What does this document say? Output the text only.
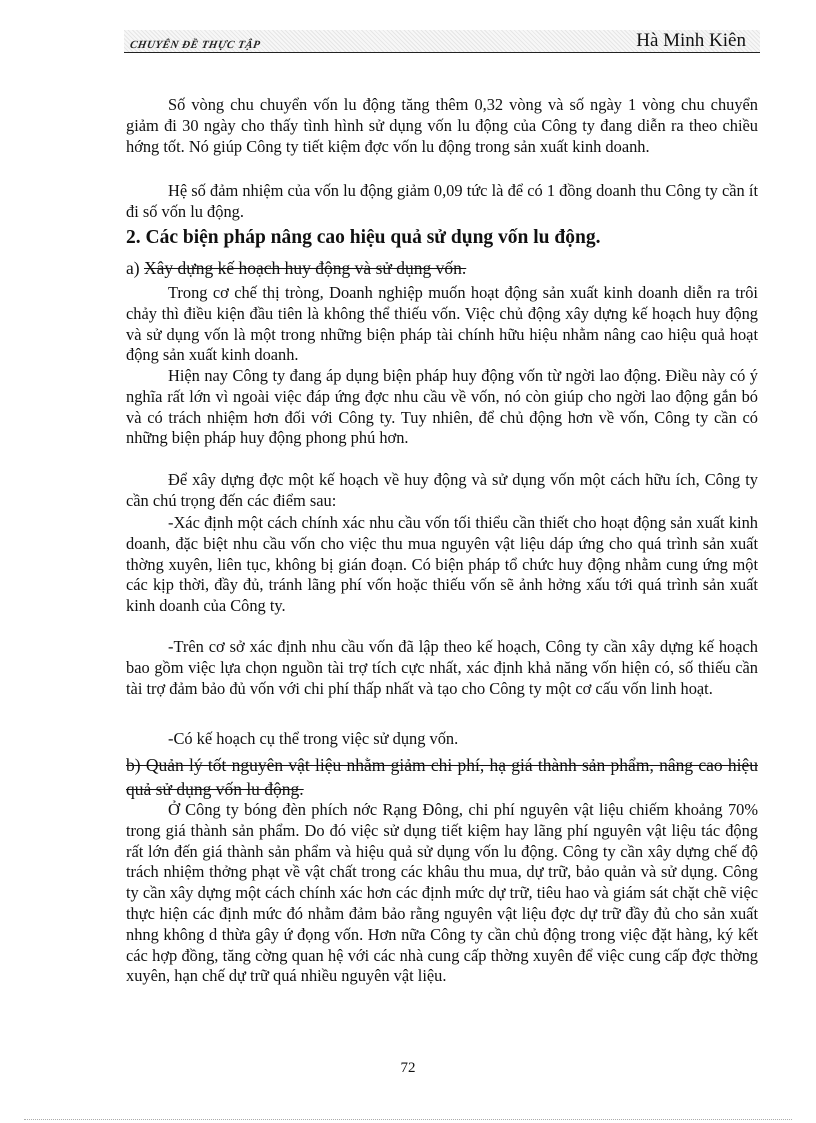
CHUYÊN ĐỀ THỰC TẬP	Hà Minh Kiên

Số vòng chu chuyển vốn lu động tăng thêm 0,32 vòng và số ngày 1 vòng chu chuyển giảm đi 30 ngày cho thấy tình hình sử dụng vốn lu động của Công ty đang diễn ra theo chiều hớng tốt. Nó giúp Công ty tiết kiệm đợc vốn lu động trong sản xuất kinh doanh.

Hệ số đảm nhiệm của vốn lu động giảm 0,09 tức là để có 1 đồng doanh thu Công ty cần ít đi số vốn lu động.

2. Các biện pháp nâng cao hiệu quả sử dụng vốn lu động.

a) Xây dựng kế hoạch huy động và sử dụng vốn.

Trong cơ chế thị tròng, Doanh nghiệp muốn hoạt động sản xuất kinh doanh diễn ra trôi chảy thì điều kiện đầu tiên là không thể thiếu vốn. Việc chủ động xây dựng kế hoạch huy động và sử dụng vốn là một trong những biện pháp tài chính hữu hiệu nhằm nâng cao hiệu quả hoạt động sản xuất kinh doanh.

Hiện nay Công ty đang áp dụng biện pháp huy động vốn từ ngời lao động. Điều này có ý nghĩa rất lớn vì ngoài việc đáp ứng đợc nhu cầu về vốn, nó còn giúp cho ngời lao động gắn bó và có trách nhiệm hơn đối với Công ty. Tuy nhiên, để chủ động hơn về vốn, Công ty cần có những biện pháp huy động phong phú hơn.

Để xây dựng đợc một kế hoạch về huy động và sử dụng vốn một cách hữu ích, Công ty cần chú trọng đến các điểm sau:

-Xác định một cách chính xác nhu cầu vốn tối thiểu cần thiết cho hoạt động sản xuất kinh doanh, đặc biệt nhu cầu vốn cho việc thu mua nguyên vật liệu dáp ứng cho quá trình sản xuất thờng xuyên, liên tục, không bị gián đoạn. Có biện pháp tổ chức huy động nhằm cung ứng một các kịp thời, đầy đủ, tránh lãng phí vốn hoặc thiếu vốn sẽ ảnh hởng xấu tới quá trình sản xuất kinh doanh của Công ty.

-Trên cơ sở xác định nhu cầu vốn đã lập theo kế hoạch, Công ty cần xây dựng kế hoạch bao gồm việc lựa chọn nguồn tài trợ tích cực nhất, xác định khả năng vốn hiện có, số thiếu cần tài trợ đảm bảo đủ vốn với chi phí thấp nhất và tạo cho Công ty một cơ cấu vốn linh hoạt.

-Có kế hoạch cụ thể trong việc sử dụng vốn.

b) Quản lý tốt nguyên vật liệu nhằm giảm chi phí, hạ giá thành sản phẩm, nâng cao hiệu quả sử dụng vốn lu động.

Ở Công ty bóng đèn phích nớc Rạng Đông, chi phí nguyên vật liệu chiếm khoảng 70% trong giá thành sản phẩm. Do đó việc sử dụng tiết kiệm hay lãng phí nguyên vật liệu tác động rất lớn đến giá thành sản phẩm và hiệu quả sử dụng vốn lu động. Công ty cần xây dựng chế độ trách nhiệm thởng phạt về vật chất trong các khâu thu mua, dự trữ, bảo quản và sử dụng. Công ty cần xây dựng một cách chính xác hơn các định mức dự trữ, tiêu hao và giám sát chặt chẽ việc thực hiện các định mức đó nhằm đảm bảo rằng nguyên vật liệu đợc dự trữ đầy đủ cho sản xuất nhng không d thừa gây ứ đọng vốn. Hơn nữa Công ty cần chủ động trong việc đặt hàng, ký kết các hợp đồng, tăng cờng quan hệ với các nhà cung cấp thờng xuyên để việc cung cấp đợc thờng xuyên, hạn chế dự trữ quá nhiều nguyên vật liệu.

72
